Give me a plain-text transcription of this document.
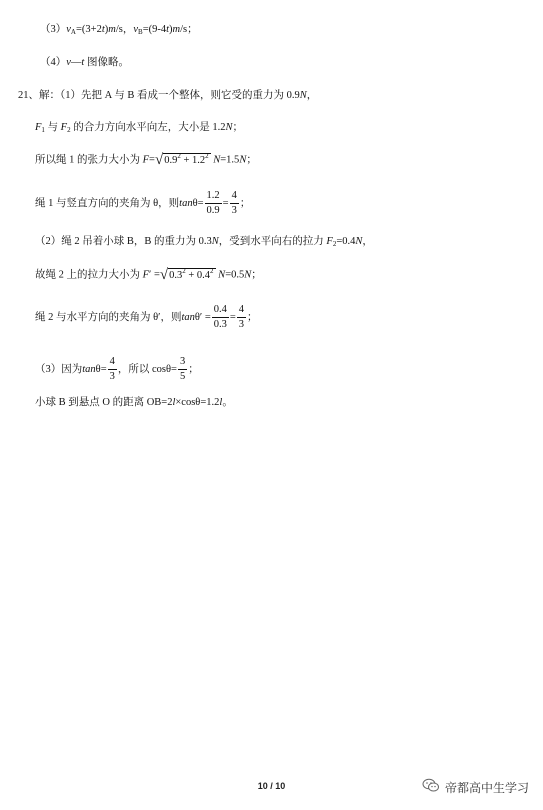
$(3)v_A=(3+2t)m/s$，$v_B=(9-4t)m/s$；
（4）v—t 图像略。
21、解：（1）先把 A 与 B 看成一个整体，则它受的重力为 0.9N，
$F_1$ 与 $F_2$ 的合力方向水平向左，大小是 1.2N；
所以绳 1 的张力大小为 F= √ $0.9^2 + 1.2^2$ N=1.5N；
绳 1 与竖直方向的夹角为 θ，则 $\tan \theta= \frac{1.2}{0.9} = \frac{4}{3}$ ；
（2）绳 2 吊着小球 B，B 的重力为 0.3N，受到水平向右的拉力 $F_2=0.4N$，
故绳 2 上的拉力大小为 F′ = √ $0.3^2 + 0.4^2$ N=0.5N；
绳 2 与水平方向的夹角为 θ′，则 $\tan \theta' = \frac{0.4}{0.3} = \frac{4}{3}$ ；
（3）因为 $\tan \theta= \frac{4}{3}$ ，所以 $\cos\theta= \frac{3}{5}$ ；
小球 B 到悬点 O 的距离 OB=2l×cosθ=1.2l。
10 / 10	帝都高中生学习
